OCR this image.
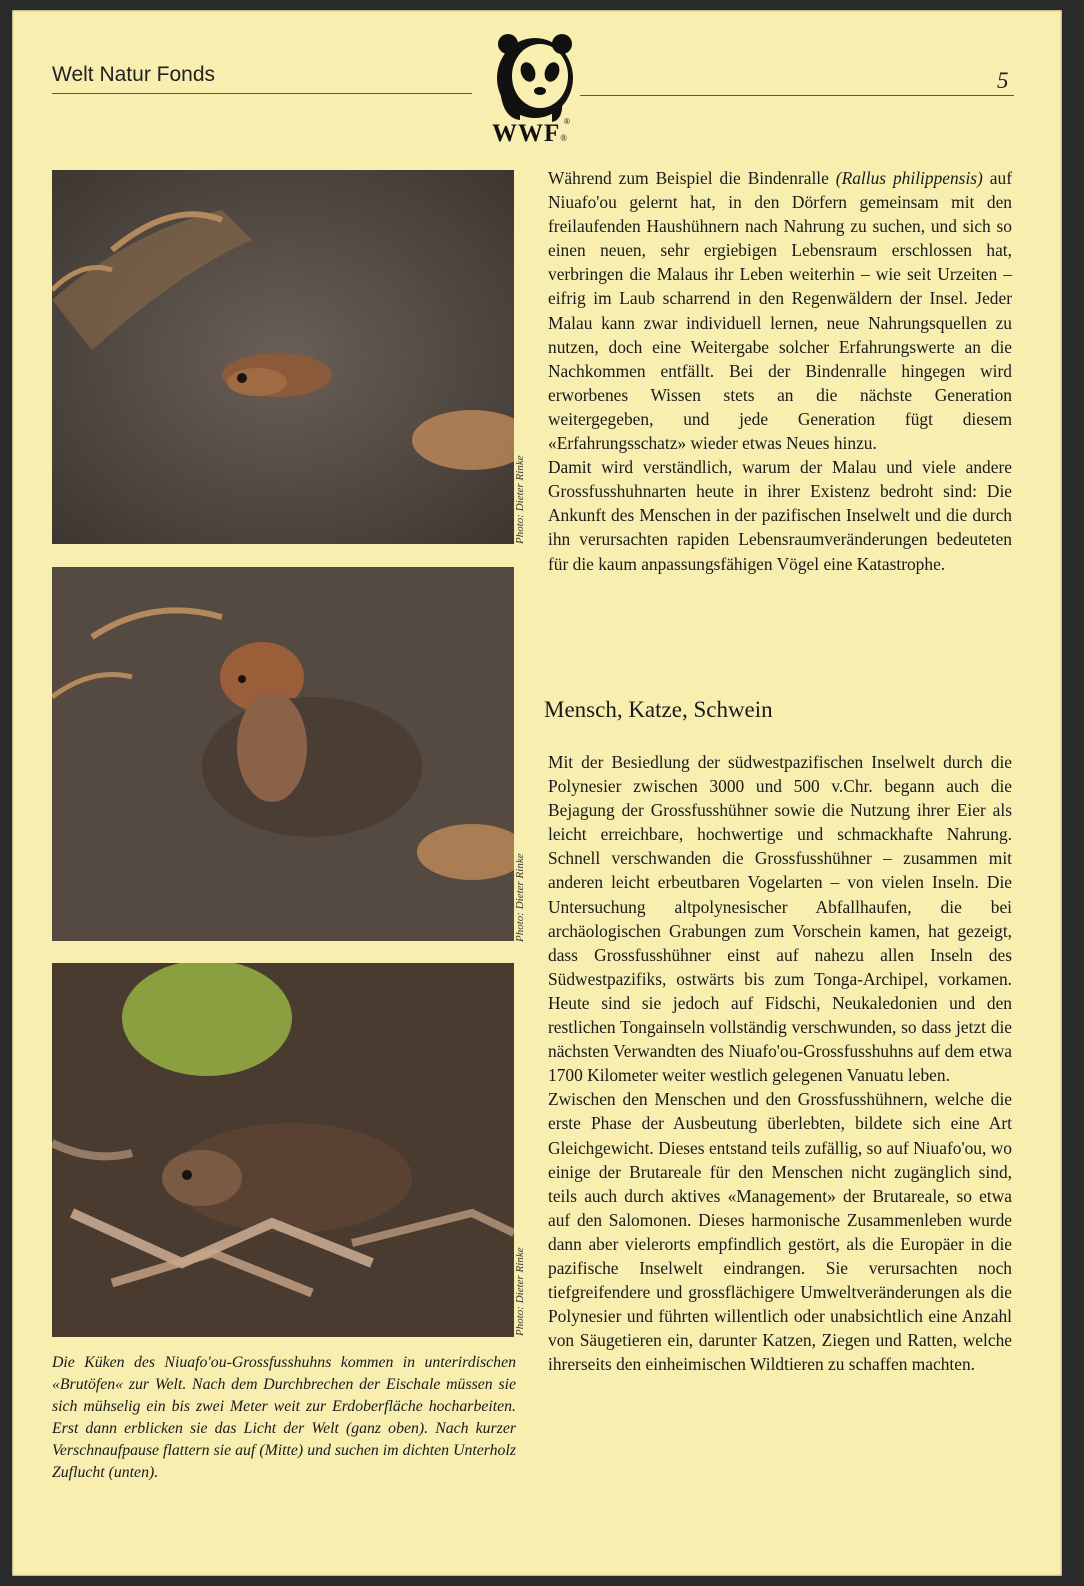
Welt Natur Fonds	5
®
WWF®
Photo: Dieter Rinke
Photo: Dieter Rinke
Photo: Dieter Rinke
Die Küken des Niuafo'ou-Grossfusshuhns kommen in unterirdischen «Brutöfen« zur Welt. Nach dem Durchbrechen der Eischale müssen sie sich mühselig ein bis zwei Meter weit zur Erdoberfläche hocharbeiten. Erst dann erblicken sie das Licht der Welt (ganz oben). Nach kurzer Verschnaufpause flattern sie auf (Mitte) und suchen im dichten Unterholz Zuflucht (unten).

Während zum Beispiel die Bindenralle (Rallus philippensis) auf Niuafo'ou gelernt hat, in den Dörfern gemeinsam mit den freilaufenden Haushühnern nach Nahrung zu suchen, und sich so einen neuen, sehr ergiebigen Lebensraum erschlossen hat, verbringen die Malaus ihr Leben weiterhin – wie seit Urzeiten – eifrig im Laub scharrend in den Regenwäldern der Insel. Jeder Malau kann zwar individuell lernen, neue Nahrungsquellen zu nutzen, doch eine Weitergabe solcher Erfahrungswerte an die Nachkommen entfällt. Bei der Bindenralle hingegen wird erworbenes Wissen stets an die nächste Generation weitergegeben, und jede Generation fügt diesem «Erfahrungsschatz» wieder etwas Neues hinzu.

Damit wird verständlich, warum der Malau und viele andere Grossfusshuhnarten heute in ihrer Existenz bedroht sind: Die Ankunft des Menschen in der pazifischen Inselwelt und die durch ihn verursachten rapiden Lebensraumveränderungen bedeuteten für die kaum anpassungsfähigen Vögel eine Katastrophe.

Mensch, Katze, Schwein

Mit der Besiedlung der südwestpazifischen Inselwelt durch die Polynesier zwischen 3000 und 500 v.Chr. begann auch die Bejagung der Grossfusshühner sowie die Nutzung ihrer Eier als leicht erreichbare, hochwertige und schmackhafte Nahrung. Schnell verschwanden die Grossfusshühner – zusammen mit anderen leicht erbeutbaren Vogelarten – von vielen Inseln. Die Untersuchung altpolynesischer Abfallhaufen, die bei archäologischen Grabungen zum Vorschein kamen, hat gezeigt, dass Grossfusshühner einst auf nahezu allen Inseln des Südwestpazifiks, ostwärts bis zum Tonga-Archipel, vorkamen. Heute sind sie jedoch auf Fidschi, Neukaledonien und den restlichen Tongainseln vollständig verschwunden, so dass jetzt die nächsten Verwandten des Niuafo'ou-Grossfusshuhns auf dem etwa 1700 Kilometer weiter westlich gelegenen Vanuatu leben.

Zwischen den Menschen und den Grossfusshühnern, welche die erste Phase der Ausbeutung überlebten, bildete sich eine Art Gleichgewicht. Dieses entstand teils zufällig, so auf Niuafo'ou, wo einige der Brutareale für den Menschen nicht zugänglich sind, teils auch durch aktives «Management» der Brutareale, so etwa auf den Salomonen. Dieses harmonische Zusammenleben wurde dann aber vielerorts empfindlich gestört, als die Europäer in die pazifische Inselwelt eindrangen. Sie verursachten noch tiefgreifendere und grossflächigere Umweltveränderungen als die Polynesier und führten willentlich oder unabsichtlich eine Anzahl von Säugetieren ein, darunter Katzen, Ziegen und Ratten, welche ihrerseits den einheimischen Wildtieren zu schaffen machten.
